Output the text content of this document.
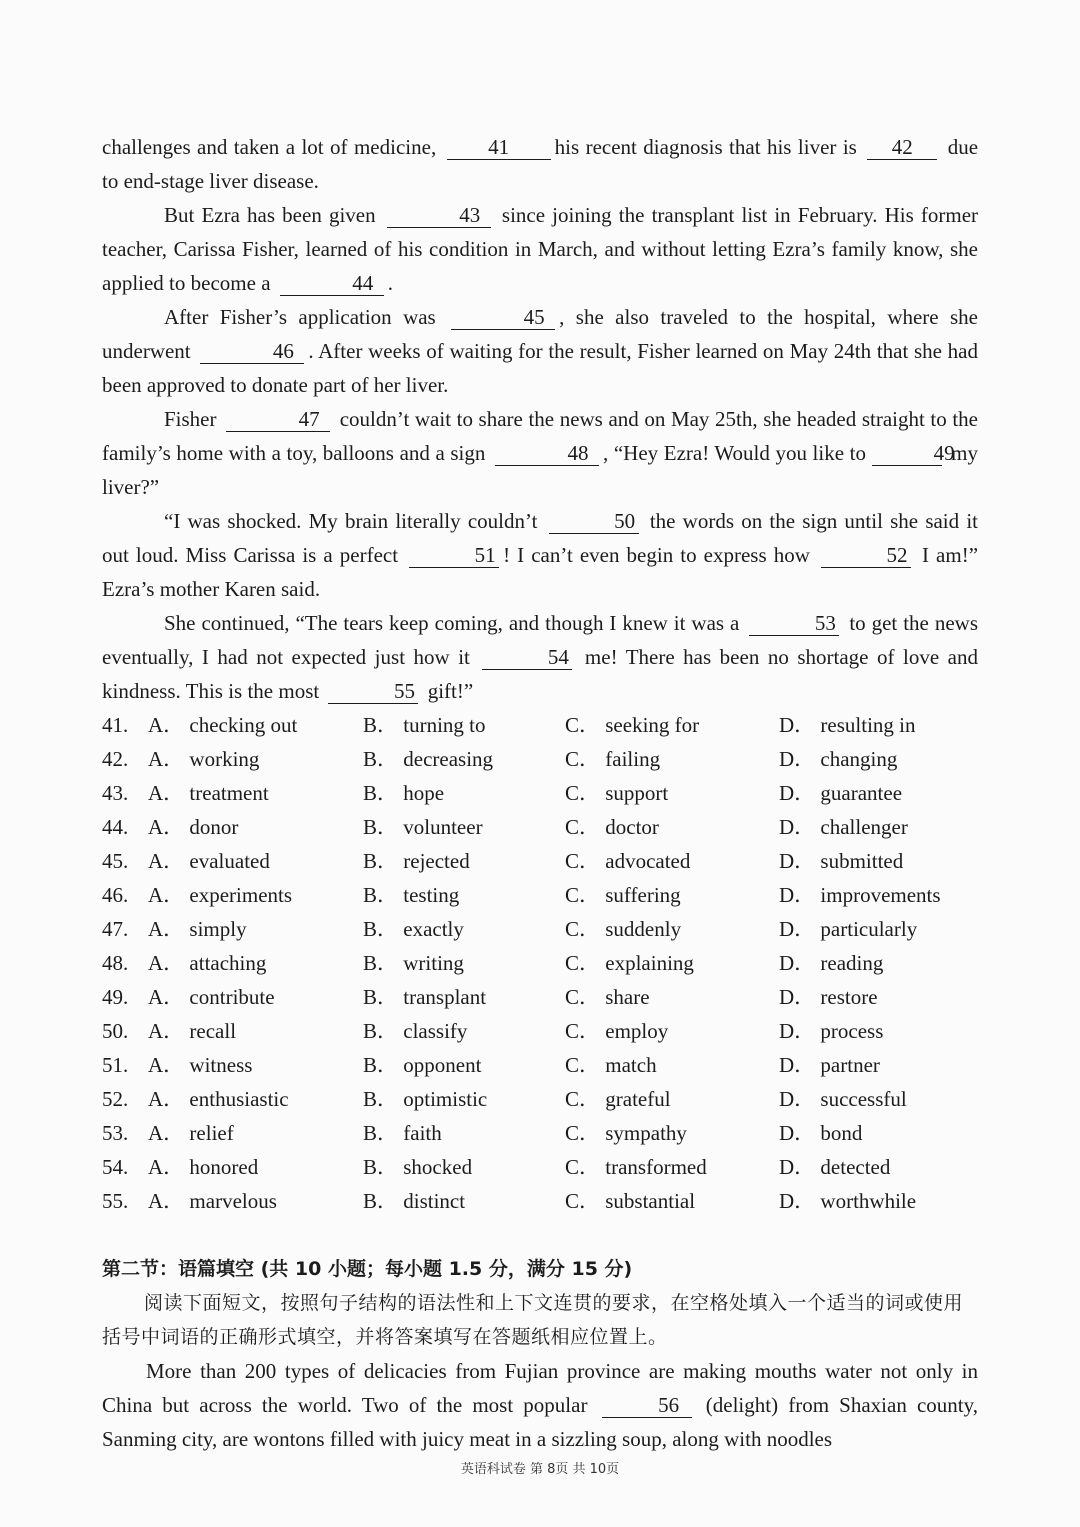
challenges and taken a lot of medicine, 41 his recent diagnosis that his liver is 42 due to end-stage liver disease.

But Ezra has been given	43 since joining the transplant list in February. His former teacher, Carissa Fisher, learned of his condition in March, and without letting Ezra’s family know, she applied to become a	44 .

After Fisher’s application was	45 , she also traveled to the hospital, where she underwent	46 . After weeks of waiting for the result, Fisher learned on May 24th that she had been approved to donate part of her liver.

Fisher	47 couldn’t wait to share the news and on May 25th, she headed straight to the family’s home with a toy, balloons and a sign	48 , “Hey Ezra! Would you like to	49 my liver?”

“I was shocked. My brain literally couldn’t	50 the words on the sign until she said it out loud. Miss Carissa is a perfect	51 ! I can’t even begin to express how	52 I am!” Ezra’s mother Karen said.

She continued, “The tears keep coming, and though I knew it was a	53 to get the news eventually, I had not expected just how it	54 me! There has been no shortage of love and kindness. This is the most	55 gift!”

41. A． checking out	B． turning to	C． seeking for	D． resulting in
42. A． working	B． decreasing	C． failing	D． changing
43. A． treatment	B． hope	C． support	D． guarantee
44. A． donor	B． volunteer	C． doctor	D． challenger
45. A． evaluated	B． rejected	C． advocated	D． submitted
46. A． experiments	B． testing	C． suffering	D． improvements
47. A． simply	B． exactly	C． suddenly	D． particularly
48. A． attaching	B． writing	C． explaining	D． reading
49. A． contribute	B． transplant	C． share	D． restore
50. A． recall	B． classify	C． employ	D． process
51. A． witness	B． opponent	C． match	D． partner
52. A． enthusiastic	B． optimistic	C． grateful	D． successful
53. A． relief	B． faith	C． sympathy	D． bond
54. A． honored	B． shocked	C． transformed	D． detected
55. A． marvelous	B． distinct	C． substantial	D． worthwhile
第二节：语篇填空 (共 10 小题；每小题 1.5 分，满分 15 分)

阅读下面短文，按照句子结构的语法性和上下文连贯的要求，在空格处填入一个适当的词或使用括号中词语的正确形式填空，并将答案填写在答题纸相应位置上。

More than 200 types of delicacies from Fujian province are making mouths water not only in China but across the world. Two of the most popular	56 (delight) from Shaxian county, Sanming city, are wontons filled with juicy meat in a sizzling soup, along with noodles

英语科试卷 第 8页 共 10页
